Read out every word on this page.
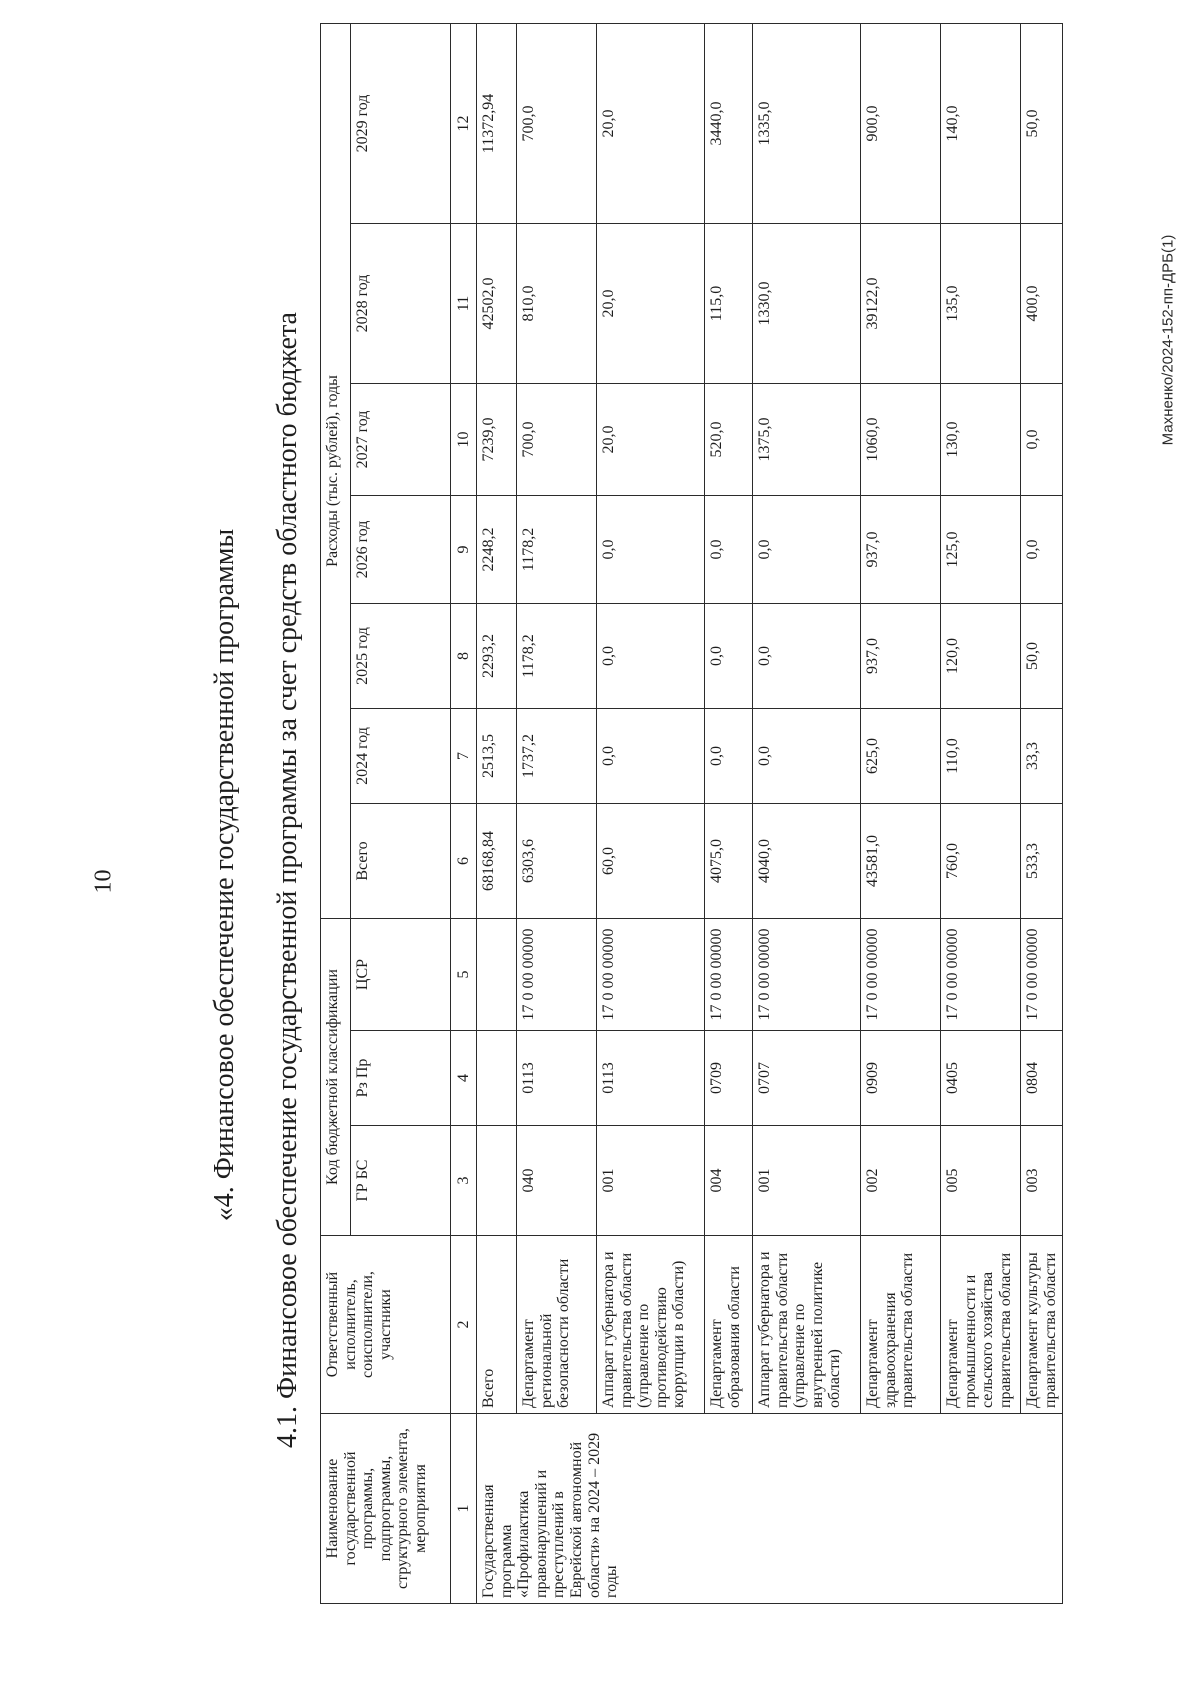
10	«4. Финансовое обеспечение государственной программы 4.1. Финансовое обеспечение государственной программы за счет средств областного бюджета	Махненко/2024-152-пп-ДРБ(1)
Наименование государственной программы, подпрограммы, структурного элемента, мероприятия	Ответственный исполнитель, соисполнители, участники	Код бюджетной классификации			Расходы (тыс. рублей), годы						
		ГР БС	Рз Пр	ЦСР	Всего	2024 год	2025 год	2026 год	2027 год	2028 год	2029 год
1	2	3	4	5	6	7	8	9	10	11	12
Государственная программа «Профилактика правонарушений и преступлений в Еврейской автономной области» на 2024 – 2029 годы	Всего				68168,84	2513,5	2293,2	2248,2	7239,0	42502,0	11372,94
	Департамент региональной безопасности области	040	0113	17 0 00 00000	6303,6	1737,2	1178,2	1178,2	700,0	810,0	700,0
	Аппарат губернатора и правительства области (управление по противодействию коррупции в области)	001	0113	17 0 00 00000	60,0	0,0	0,0	0,0	20,0	20,0	20,0
	Департамент образования области	004	0709	17 0 00 00000	4075,0	0,0	0,0	0,0	520,0	115,0	3440,0
	Аппарат губернатора и правительства области (управление по внутренней политике области)	001	0707	17 0 00 00000	4040,0	0,0	0,0	0,0	1375,0	1330,0	1335,0
	Департамент здравоохранения правительства области	002	0909	17 0 00 00000	43581,0	625,0	937,0	937,0	1060,0	39122,0	900,0
	Департамент промышленности и сельского хозяйства правительства области	005	0405	17 0 00 00000	760,0	110,0	120,0	125,0	130,0	135,0	140,0
	Департамент культуры правительства области	003	0804	17 0 00 00000	533,3	33,3	50,0	0,0	0,0	400,0	50,0
